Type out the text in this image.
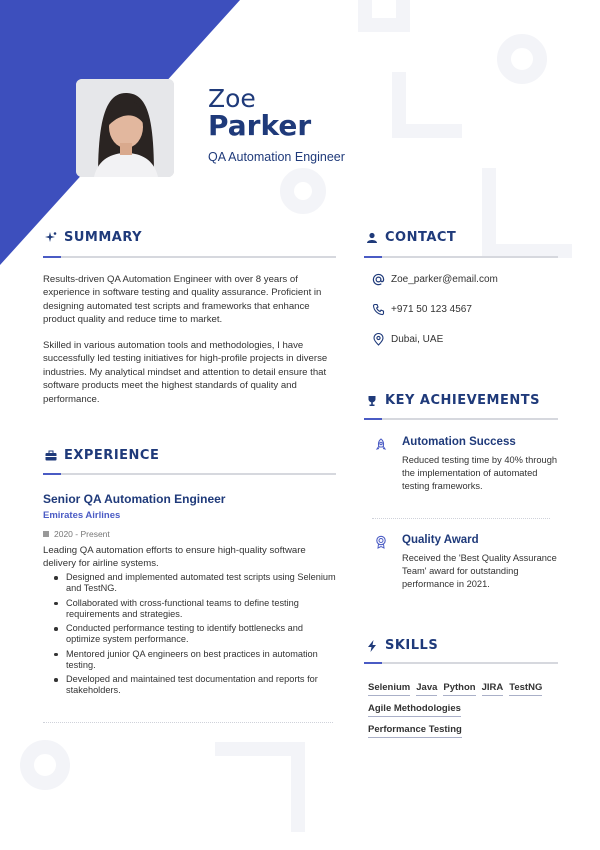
Zoe
Parker
QA Automation Engineer
SUMMARY
Results-driven QA Automation Engineer with over 8 years of experience in software testing and quality assurance. Proficient in designing automated test scripts and frameworks that enhance product quality and reduce time to market.
Skilled in various automation tools and methodologies, I have successfully led testing initiatives for high-profile projects in diverse industries. My analytical mindset and attention to detail ensure that software products meet the highest standards of quality and performance.
EXPERIENCE
Senior QA Automation Engineer
Emirates Airlines
2020 - Present
Leading QA automation efforts to ensure high-quality software delivery for airline systems.
Designed and implemented automated test scripts using Selenium and TestNG.
Collaborated with cross-functional teams to define testing requirements and strategies.
Conducted performance testing to identify bottlenecks and optimize system performance.
Mentored junior QA engineers on best practices in automation testing.
Developed and maintained test documentation and reports for stakeholders.
CONTACT
Zoe_parker@email.com
+971 50 123 4567
Dubai, UAE
KEY ACHIEVEMENTS
Automation Success
Reduced testing time by 40% through the implementation of automated testing frameworks.
Quality Award
Received the 'Best Quality Assurance Team' award for outstanding performance in 2021.
SKILLS
Selenium Java Python JIRA TestNG
Agile Methodologies
Performance Testing
